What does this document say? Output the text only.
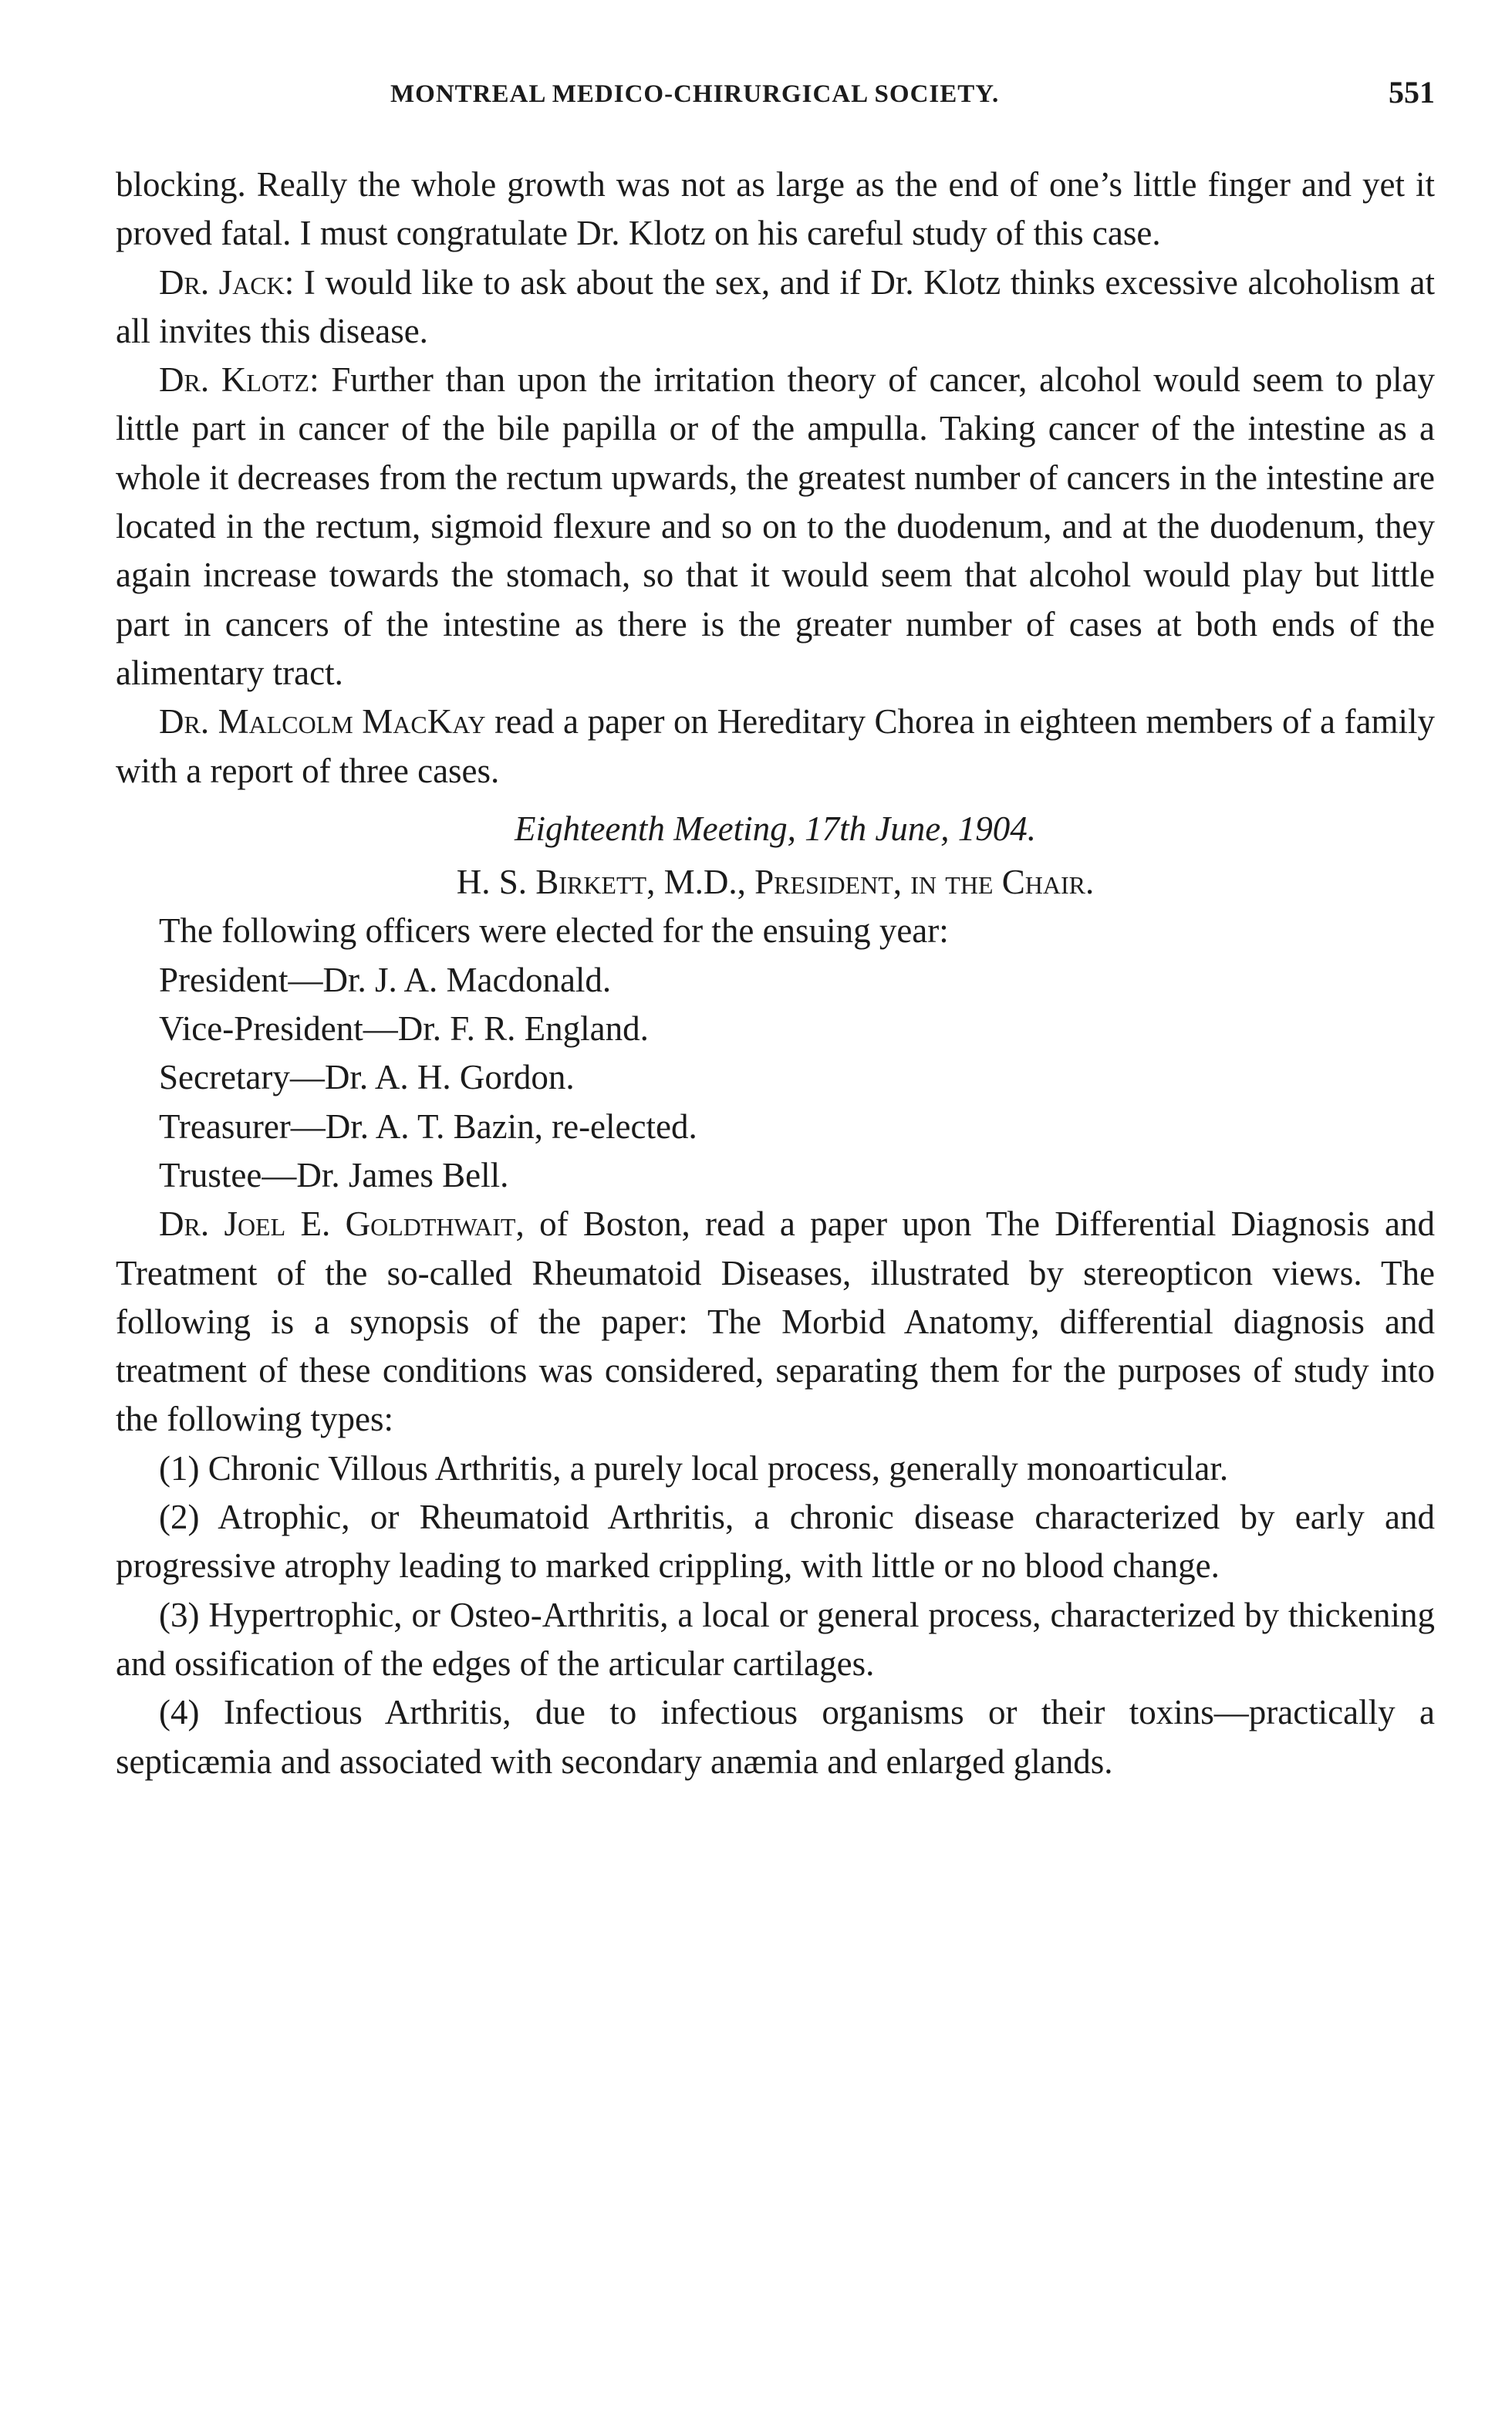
MONTREAL MEDICO-CHIRURGICAL SOCIETY.	551

blocking. Really the whole growth was not as large as the end of one’s little finger and yet it proved fatal. I must congratulate Dr. Klotz on his careful study of this case.

Dr. Jack: I would like to ask about the sex, and if Dr. Klotz thinks excessive alcoholism at all invites this disease.

Dr. Klotz: Further than upon the irritation theory of cancer, alcohol would seem to play little part in cancer of the bile papilla or of the ampulla. Taking cancer of the intestine as a whole it decreases from the rectum upwards, the greatest number of cancers in the intestine are located in the rectum, sigmoid flexure and so on to the duodenum, and at the duodenum, they again increase towards the stomach, so that it would seem that alcohol would play but little part in cancers of the intestine as there is the greater number of cases at both ends of the alimentary tract.

Dr. Malcolm MacKay read a paper on Hereditary Chorea in eighteen members of a family with a report of three cases.

Eighteenth Meeting, 17th June, 1904.

H. S. Birkett, M.D., President, in the Chair.

The following officers were elected for the ensuing year:
President—Dr. J. A. Macdonald.
Vice-President—Dr. F. R. England.
Secretary—Dr. A. H. Gordon.
Treasurer—Dr. A. T. Bazin, re-elected.
Trustee—Dr. James Bell.

Dr. Joel E. Goldthwait, of Boston, read a paper upon The Differential Diagnosis and Treatment of the so-called Rheumatoid Diseases, illustrated by stereopticon views. The following is a synopsis of the paper: The Morbid Anatomy, differential diagnosis and treatment of these conditions was considered, separating them for the purposes of study into the following types:

(1) Chronic Villous Arthritis, a purely local process, generally monoarticular.

(2) Atrophic, or Rheumatoid Arthritis, a chronic disease characterized by early and progressive atrophy leading to marked crippling, with little or no blood change.

(3) Hypertrophic, or Osteo-Arthritis, a local or general process, characterized by thickening and ossification of the edges of the articular cartilages.

(4) Infectious Arthritis, due to infectious organisms or their toxins—practically a septicæmia and associated with secondary anæmia and enlarged glands.
